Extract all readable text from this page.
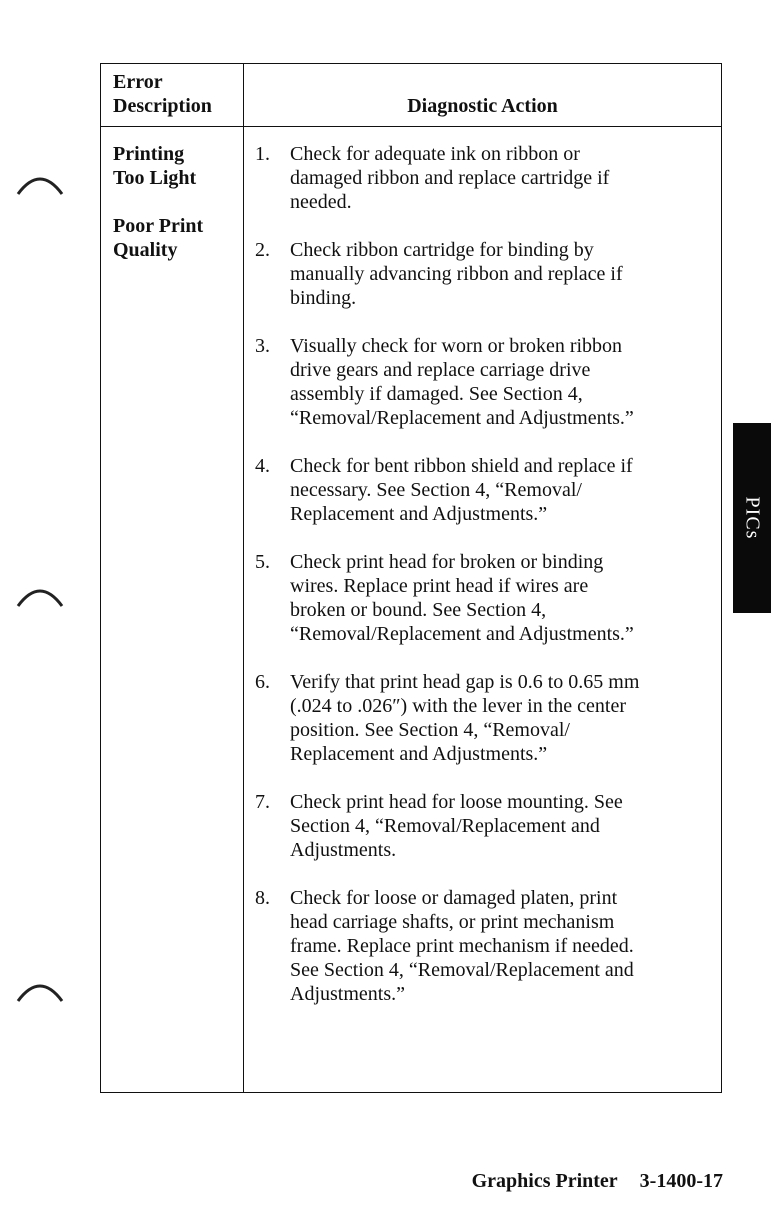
Error
Description	Diagnostic Action
Printing
Too Light
Poor Print
Quality
1. Check for adequate ink on ribbon or
damaged ribbon and replace cartridge if
needed.
2. Check ribbon cartridge for binding by
manually advancing ribbon and replace if
binding.
3. Visually check for worn or broken ribbon
drive gears and replace carriage drive
assembly if damaged. See Section 4,
“Removal/Replacement and Adjustments.”
4. Check for bent ribbon shield and replace if
necessary. See Section 4, “Removal/
Replacement and Adjustments.”
5. Check print head for broken or binding
wires. Replace print head if wires are
broken or bound. See Section 4,
“Removal/Replacement and Adjustments.”
6. Verify that print head gap is 0.6 to 0.65 mm
(.024 to .026″) with the lever in the center
position. See Section 4, “Removal/
Replacement and Adjustments.”
7. Check print head for loose mounting. See
Section 4, “Removal/Replacement and
Adjustments.
8. Check for loose or damaged platen, print
head carriage shafts, or print mechanism
frame. Replace print mechanism if needed.
See Section 4, “Removal/Replacement and
Adjustments.”
PICs
Graphics Printer 3-1400-17
